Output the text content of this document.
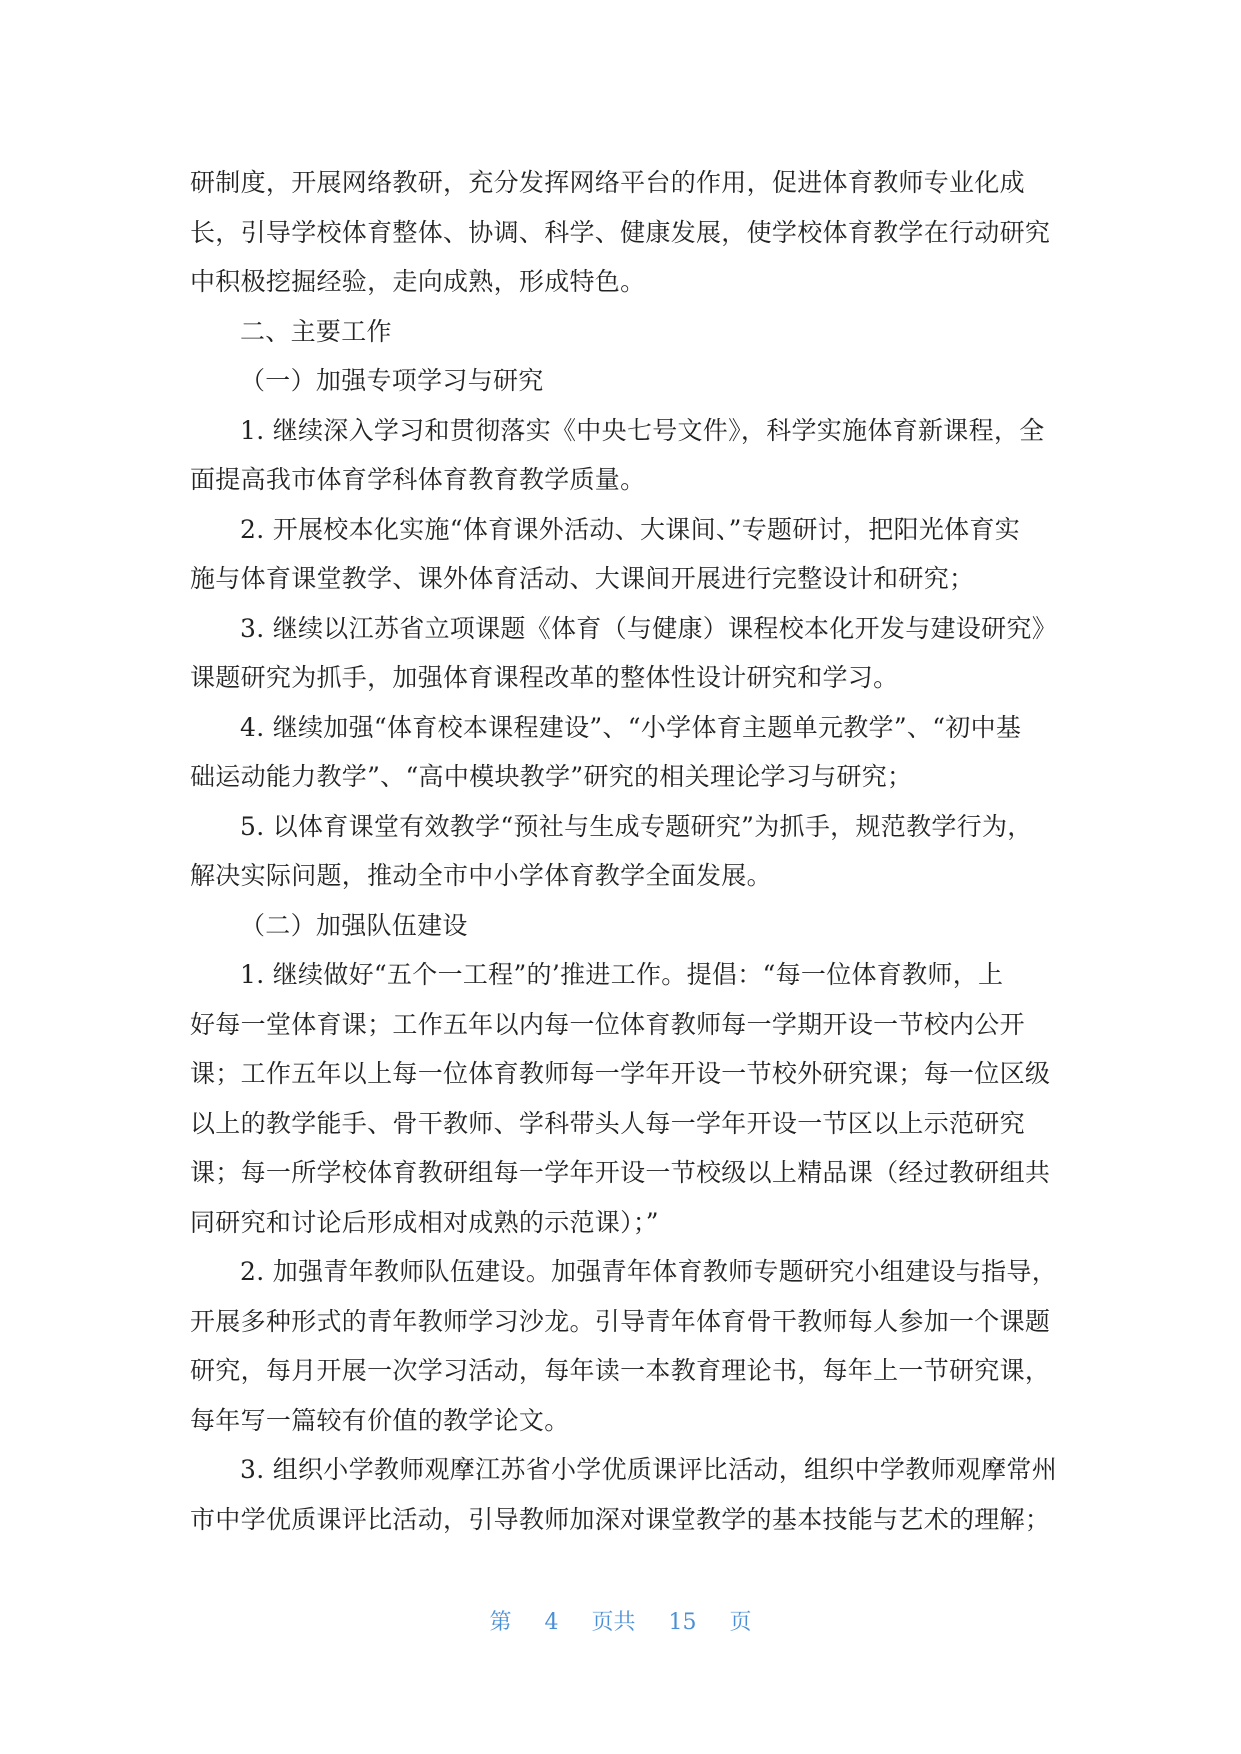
研制度，开展网络教研，充分发挥网络平台的作用，促进体育教师专业化成
长，引导学校体育整体、协调、科学、健康发展，使学校体育教学在行动研究
中积极挖掘经验，走向成熟，形成特色。
二、主要工作
（一）加强专项学习与研究
1. 继续深入学习和贯彻落实《中央七号文件》，科学实施体育新课程，全
面提高我市体育学科体育教育教学质量。
2. 开展校本化实施“体育课外活动、大课间、”专题研讨，把阳光体育实
施与体育课堂教学、课外体育活动、大课间开展进行完整设计和研究；
3. 继续以江苏省立项课题《体育（与健康）课程校本化开发与建设研究》
课题研究为抓手，加强体育课程改革的整体性设计研究和学习。
4. 继续加强“体育校本课程建设”、“小学体育主题单元教学”、“初中基
础运动能力教学”、“高中模块教学”研究的相关理论学习与研究；
5. 以体育课堂有效教学“预社与生成专题研究”为抓手，规范教学行为，
解决实际问题，推动全市中小学体育教学全面发展。
（二）加强队伍建设
1. 继续做好“五个一工程”的’推进工作。提倡：“每一位体育教师，上
好每一堂体育课；工作五年以内每一位体育教师每一学期开设一节校内公开
课；工作五年以上每一位体育教师每一学年开设一节校外研究课；每一位区级
以上的教学能手、骨干教师、学科带头人每一学年开设一节区以上示范研究
课；每一所学校体育教研组每一学年开设一节校级以上精品课（经过教研组共
同研究和讨论后形成相对成熟的示范课）；”
2. 加强青年教师队伍建设。加强青年体育教师专题研究小组建设与指导，
开展多种形式的青年教师学习沙龙。引导青年体育骨干教师每人参加一个课题
研究，每月开展一次学习活动，每年读一本教育理论书，每年上一节研究课，
每年写一篇较有价值的教学论文。
3. 组织小学教师观摩江苏省小学优质课评比活动，组织中学教师观摩常州
市中学优质课评比活动，引导教师加深对课堂教学的基本技能与艺术的理解；
第 4 页共 15 页
